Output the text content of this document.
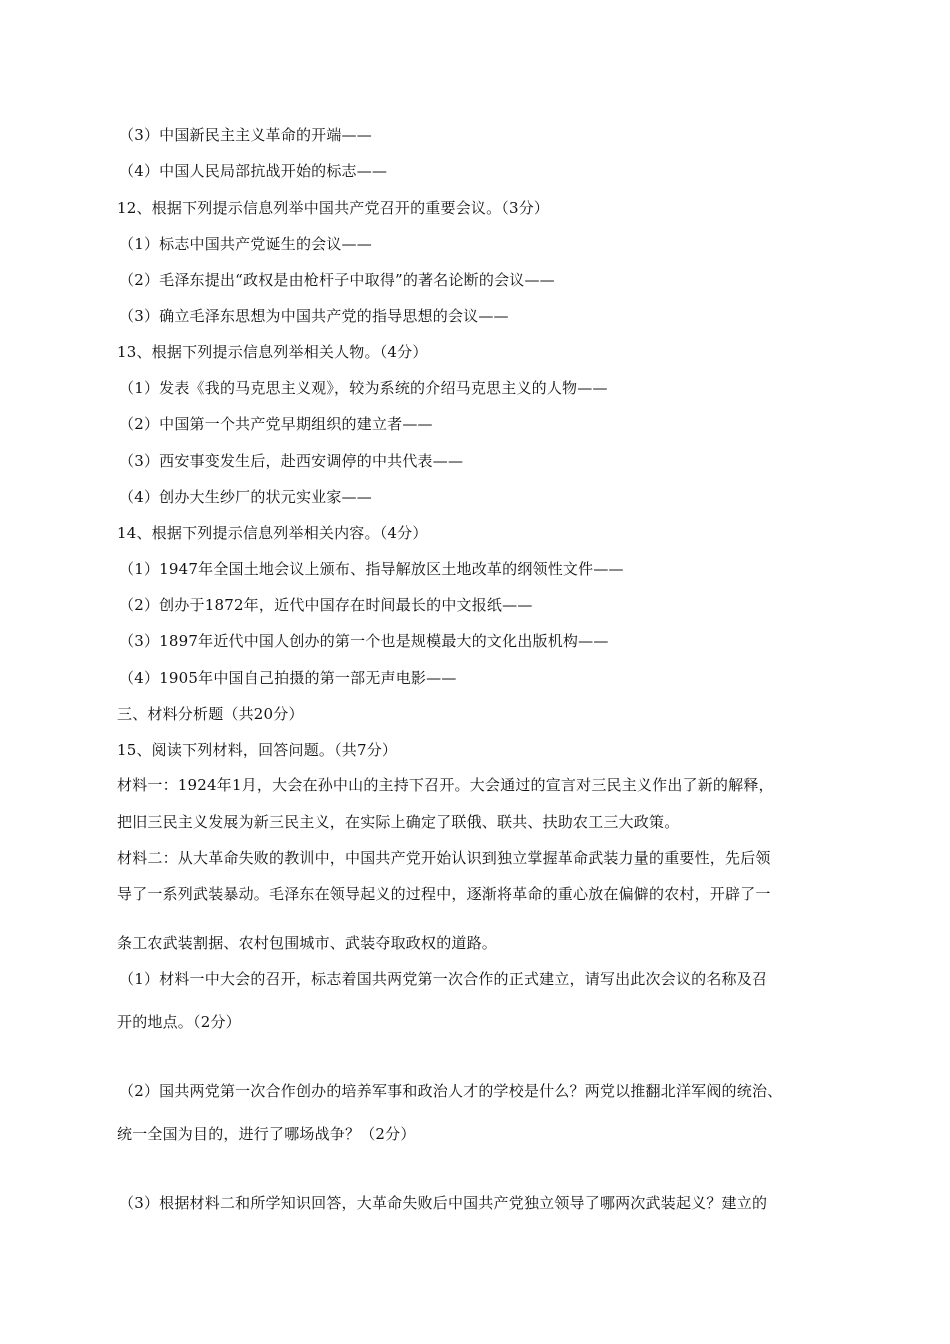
（3）中国新民主主义革命的开端——
（4）中国人民局部抗战开始的标志——
12、根据下列提示信息列举中国共产党召开的重要会议。（3分）
（1）标志中国共产党诞生的会议——
（2）毛泽东提出“政权是由枪杆子中取得”的著名论断的会议——
（3）确立毛泽东思想为中国共产党的指导思想的会议——
13、根据下列提示信息列举相关人物。（4分）
（1）发表《我的马克思主义观》，较为系统的介绍马克思主义的人物——
（2）中国第一个共产党早期组织的建立者——
（3）西安事变发生后，赴西安调停的中共代表——
（4）创办大生纱厂的状元实业家——
14、根据下列提示信息列举相关内容。（4分）
（1）1947年全国土地会议上颁布、指导解放区土地改革的纲领性文件——
（2）创办于1872年，近代中国存在时间最长的中文报纸——
（3）1897年近代中国人创办的第一个也是规模最大的文化出版机构——
（4）1905年中国自己拍摄的第一部无声电影——
三、材料分析题（共20分）
15、阅读下列材料，回答问题。（共7分）
材料一：1924年1月，大会在孙中山的主持下召开。大会通过的宣言对三民主义作出了新的解释，
把旧三民主义发展为新三民主义，在实际上确定了联俄、联共、扶助农工三大政策。
材料二：从大革命失败的教训中，中国共产党开始认识到独立掌握革命武装力量的重要性，先后领
导了一系列武装暴动。毛泽东在领导起义的过程中，逐渐将革命的重心放在偏僻的农村，开辟了一
条工农武装割据、农村包围城市、武装夺取政权的道路。
（1）材料一中大会的召开，标志着国共两党第一次合作的正式建立，请写出此次会议的名称及召
开的地点。（2分）
（2）国共两党第一次合作创办的培养军事和政治人才的学校是什么？两党以推翻北洋军阀的统治、
统一全国为目的，进行了哪场战争？（2分）
（3）根据材料二和所学知识回答，大革命失败后中国共产党独立领导了哪两次武装起义？建立的
